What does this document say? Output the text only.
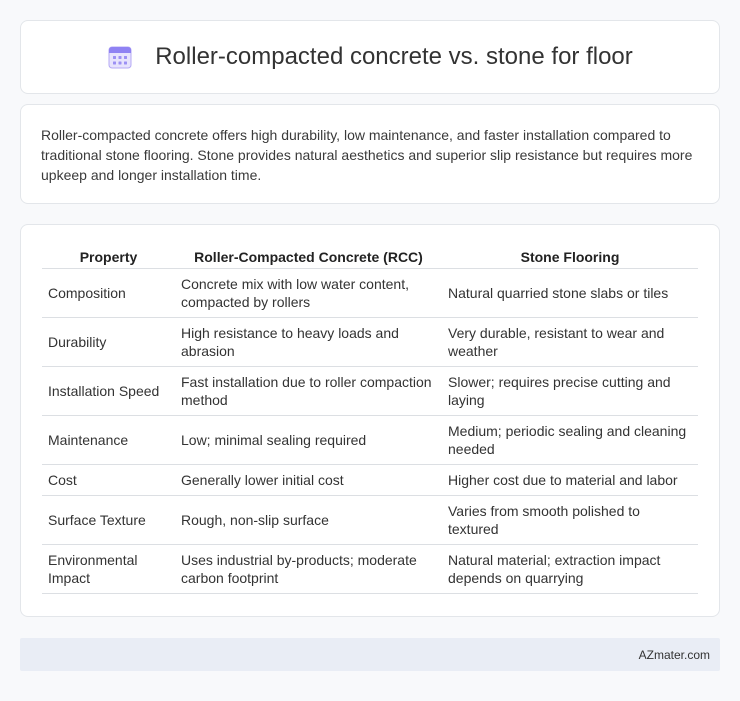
Roller-compacted concrete vs. stone for floor

Roller-compacted concrete offers high durability, low maintenance, and faster installation compared to traditional stone flooring. Stone provides natural aesthetics and superior slip resistance but requires more upkeep and longer installation time.

Property	Roller-Compacted Concrete (RCC)	Stone Flooring
Composition	Concrete mix with low water content, compacted by rollers	Natural quarried stone slabs or tiles
Durability	High resistance to heavy loads and abrasion	Very durable, resistant to wear and weather
Installation Speed	Fast installation due to roller compaction method	Slower; requires precise cutting and laying
Maintenance	Low; minimal sealing required	Medium; periodic sealing and cleaning needed
Cost	Generally lower initial cost	Higher cost due to material and labor
Surface Texture	Rough, non-slip surface	Varies from smooth polished to textured
Environmental Impact	Uses industrial by-products; moderate carbon footprint	Natural material; extraction impact depends on quarrying
AZmater.com
